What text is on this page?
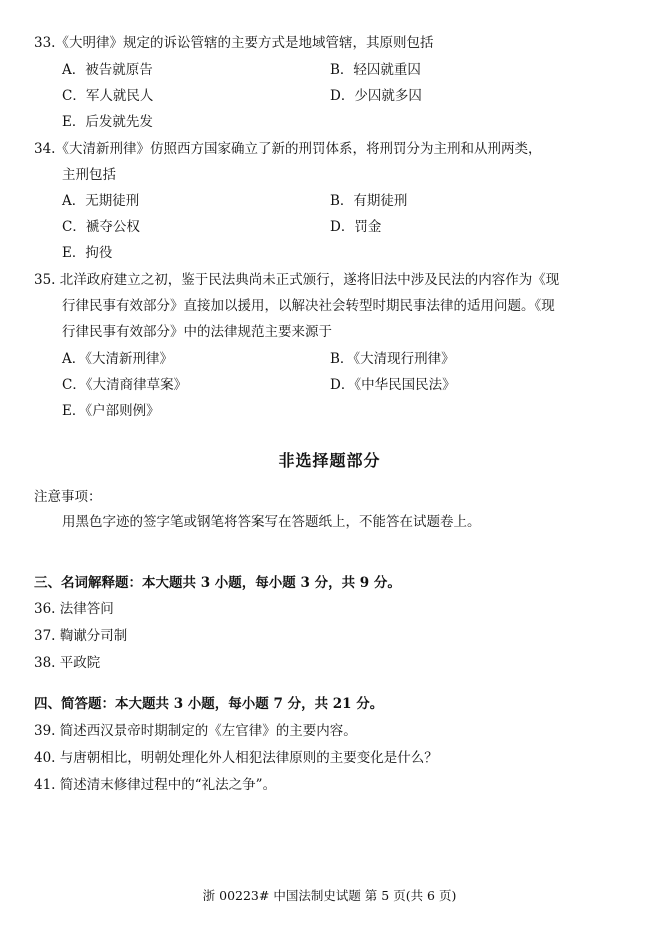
33.《大明律》规定的诉讼管辖的主要方式是地域管辖，其原则包括
A．被告就原告	B．轻囚就重囚
C．军人就民人	D．少囚就多囚
E．后发就先发
34.《大清新刑律》仿照西方国家确立了新的刑罚体系，将刑罚分为主刑和从刑两类，
主刑包括
A．无期徒刑	B．有期徒刑
C．褫夺公权	D．罚金
E．拘役
35. 北洋政府建立之初，鉴于民法典尚未正式颁行，遂将旧法中涉及民法的内容作为《现
行律民事有效部分》直接加以援用，以解决社会转型时期民事法律的适用问题。《现
行律民事有效部分》中的法律规范主要来源于
A．《大清新刑律》	B．《大清现行刑律》
C．《大清商律草案》	D．《中华民国民法》
E．《户部则例》
非选择题部分
注意事项：
用黑色字迹的签字笔或钢笔将答案写在答题纸上，不能答在试题卷上。
三、名词解释题：本大题共 3 小题，每小题 3 分，共 9 分。
36. 法律答问
37. 鞫谳分司制
38. 平政院
四、简答题：本大题共 3 小题，每小题 7 分，共 21 分。
39. 简述西汉景帝时期制定的《左官律》的主要内容。
40. 与唐朝相比，明朝处理化外人相犯法律原则的主要变化是什么？
41. 简述清末修律过程中的“礼法之争”。
浙 00223# 中国法制史试题 第 5 页(共 6 页)
